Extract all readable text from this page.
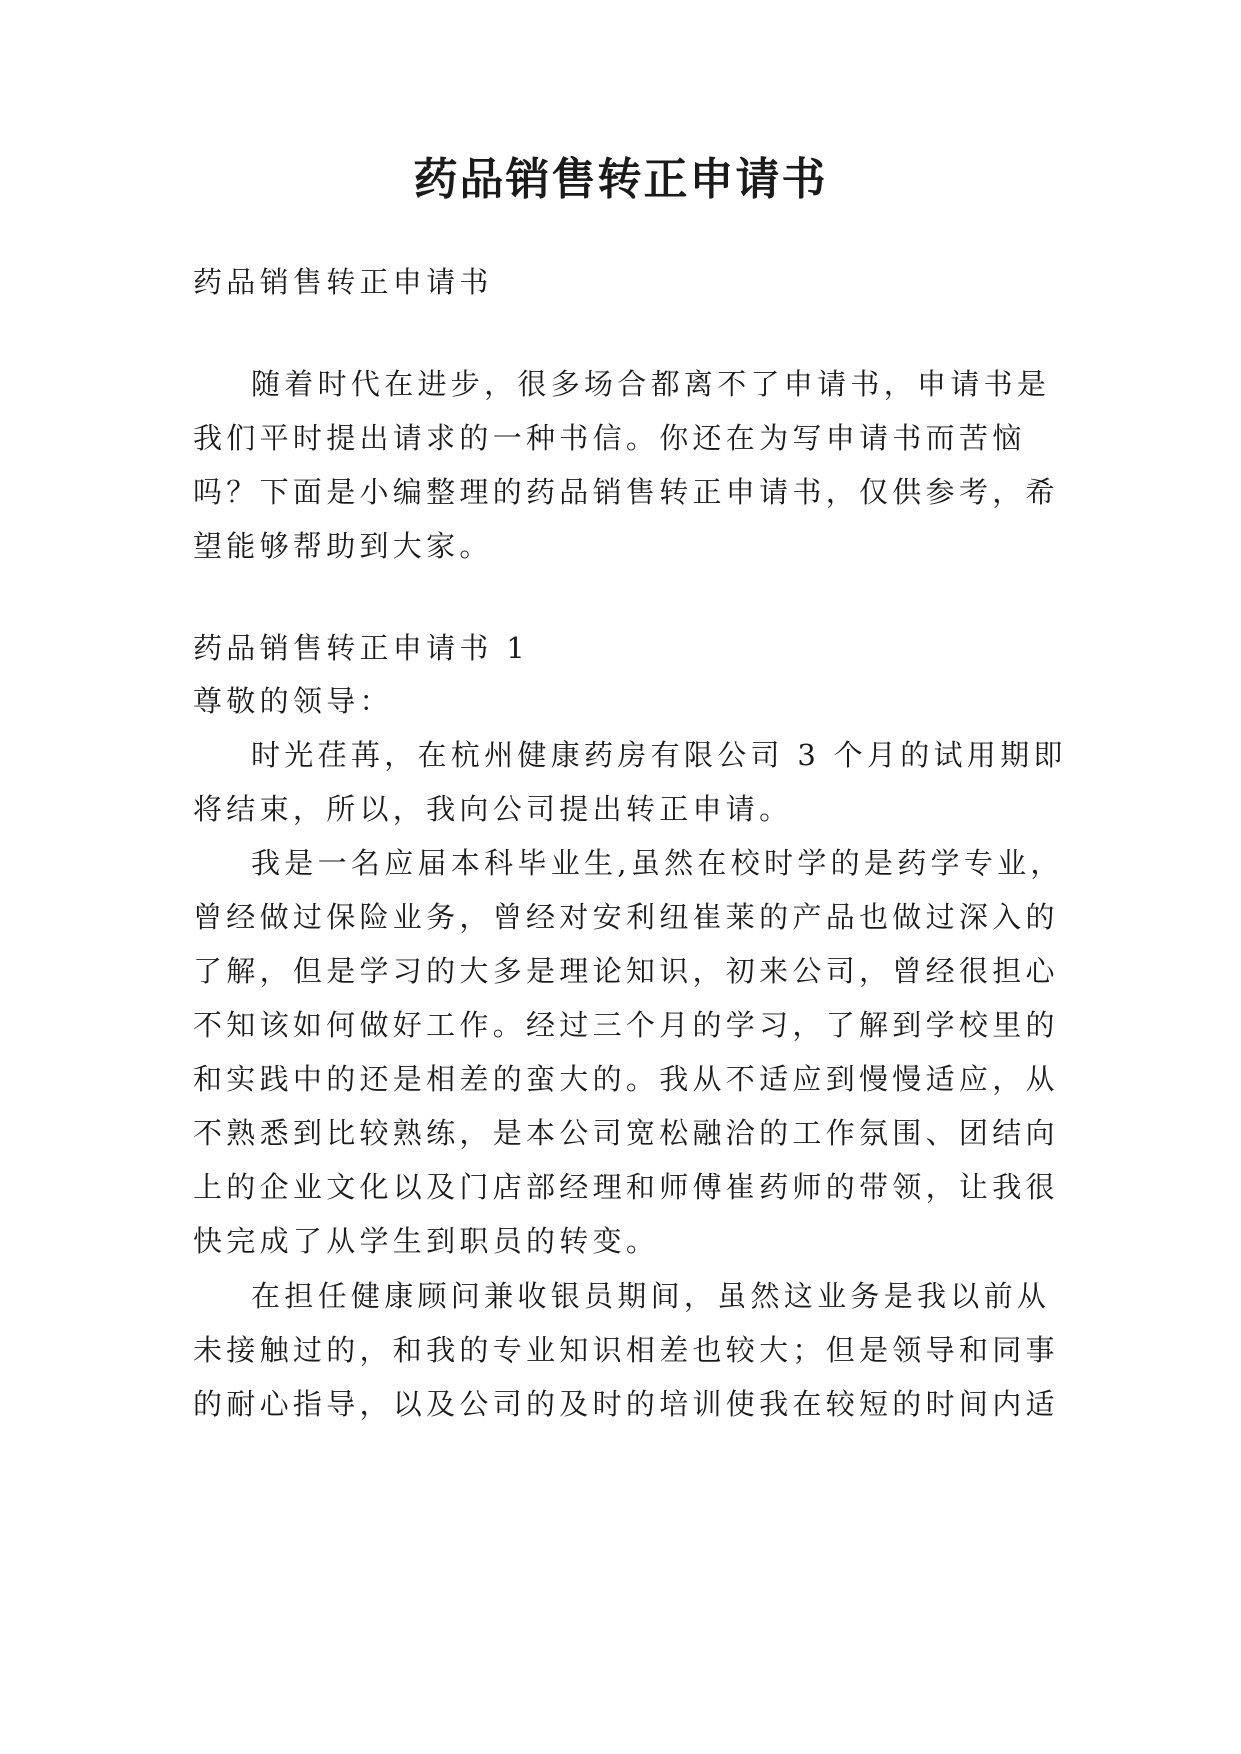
药品销售转正申请书

药品销售转正申请书

随着时代在进步，很多场合都离不了申请书，申请书是

我们平时提出请求的一种书信。你还在为写申请书而苦恼

吗？下面是小编整理的药品销售转正申请书，仅供参考，希

望能够帮助到大家。

药品销售转正申请书 1

尊敬的领导：

时光荏苒，在杭州健康药房有限公司 3 个月的试用期即

将结束，所以，我向公司提出转正申请。

我是一名应届本科毕业生,虽然在校时学的是药学专业，

曾经做过保险业务，曾经对安利纽崔莱的产品也做过深入的

了解，但是学习的大多是理论知识，初来公司，曾经很担心

不知该如何做好工作。经过三个月的学习，了解到学校里的

和实践中的还是相差的蛮大的。我从不适应到慢慢适应，从

不熟悉到比较熟练，是本公司宽松融洽的工作氛围、团结向

上的企业文化以及门店部经理和师傅崔药师的带领，让我很

快完成了从学生到职员的转变。

在担任健康顾问兼收银员期间，虽然这业务是我以前从

未接触过的，和我的专业知识相差也较大；但是领导和同事

的耐心指导，以及公司的及时的培训使我在较短的时间内适
